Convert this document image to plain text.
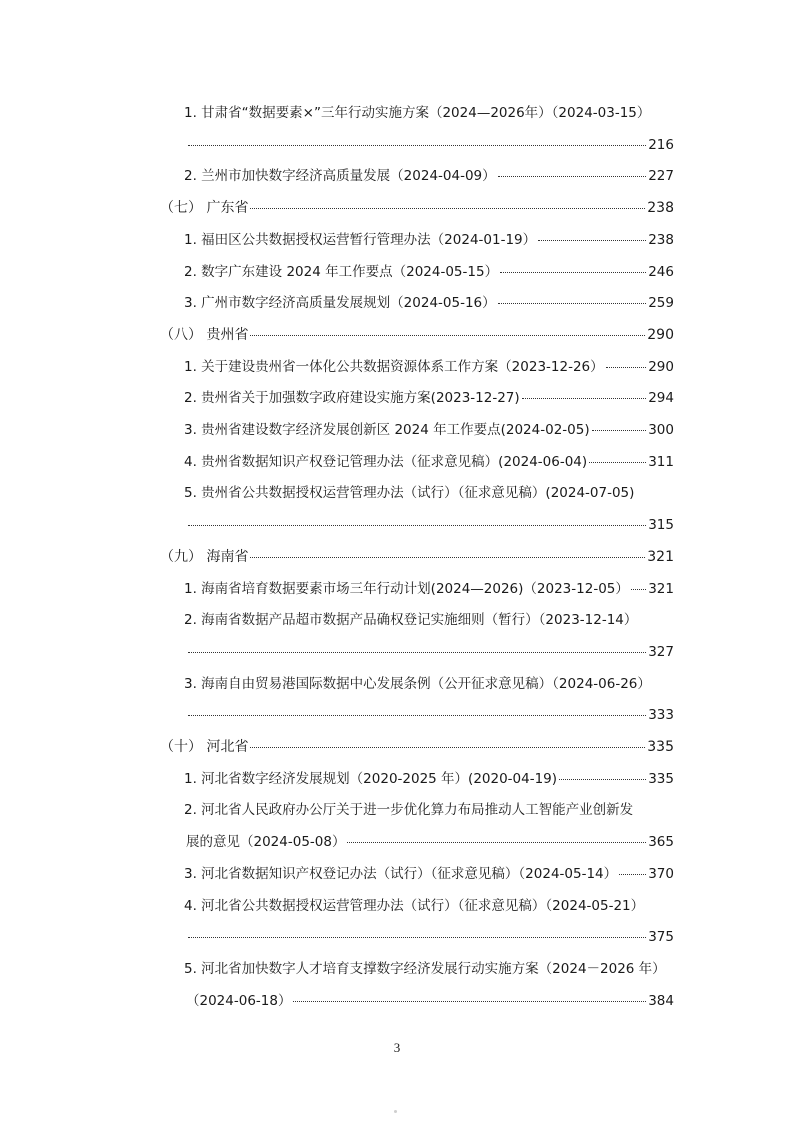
1. 甘肃省“数据要素×”三年行动实施方案（2024—2026年）（2024-03-15）
216
2. 兰州市加快数字经济高质量发展（2024-04-09）	227
（七） 广东省	238
1. 福田区公共数据授权运营暂行管理办法（2024-01-19）	238
2. 数字广东建设 2024 年工作要点（2024-05-15）	246
3. 广州市数字经济高质量发展规划（2024-05-16）	259
（八） 贵州省	290
1. 关于建设贵州省一体化公共数据资源体系工作方案（2023-12-26）	290
2. 贵州省关于加强数字政府建设实施方案(2023-12-27)	294
3. 贵州省建设数字经济发展创新区 2024 年工作要点(2024-02-05)	300
4. 贵州省数据知识产权登记管理办法（征求意见稿）(2024-06-04)	311
5. 贵州省公共数据授权运营管理办法（试行）（征求意见稿）(2024-07-05)
315
（九） 海南省	321
1. 海南省培育数据要素市场三年行动计划(2024—2026)（2023-12-05） 321
2. 海南省数据产品超市数据产品确权登记实施细则（暂行）（2023-12-14）
327
3. 海南自由贸易港国际数据中心发展条例（公开征求意见稿）（2024-06-26）
333
（十） 河北省	335
1. 河北省数字经济发展规划（2020-2025 年）(2020-04-19)	335
2. 河北省人民政府办公厅关于进一步优化算力布局推动人工智能产业创新发
展的意见（2024-05-08）	365
3. 河北省数据知识产权登记办法（试行）（征求意见稿）（2024-05-14） 370
4. 河北省公共数据授权运营管理办法（试行）（征求意见稿）（2024-05-21）
375
5. 河北省加快数字人才培育支撑数字经济发展行动实施方案（2024－2026 年）
（2024-06-18）	384
3
